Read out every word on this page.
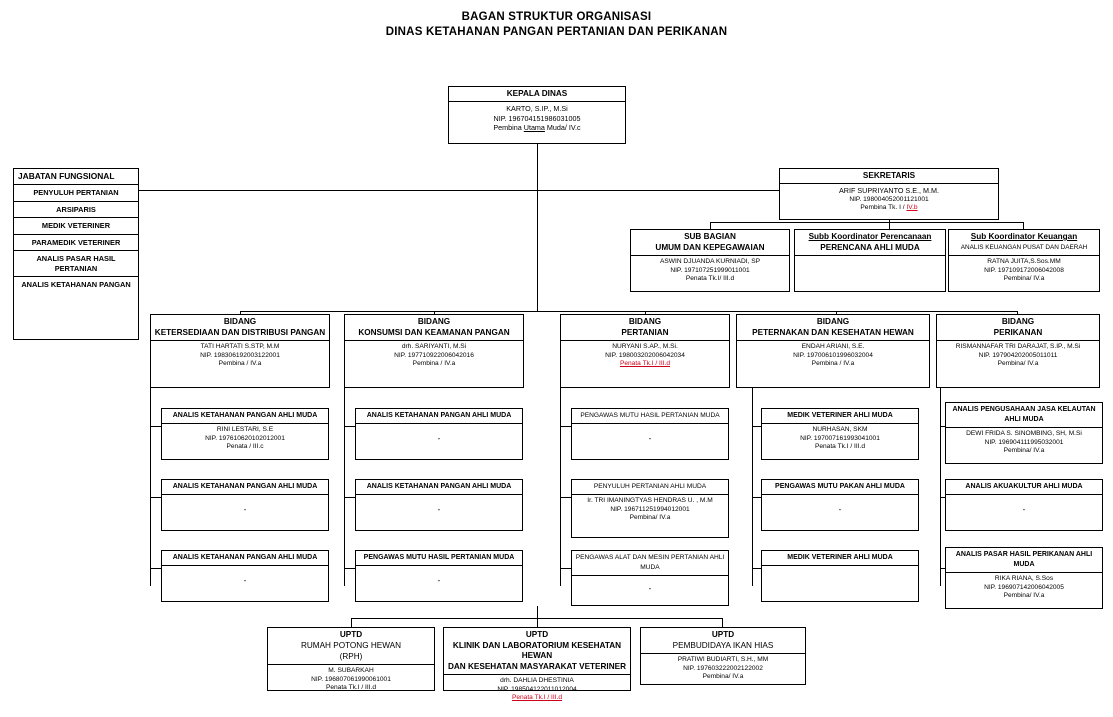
BAGAN STRUKTUR ORGANISASI
DINAS KETAHANAN PANGAN PERTANIAN DAN PERIKANAN
KEPALA DINAS
KARTO, S.IP., M.Si
NIP. 196704151986031005
Pembina Utama Muda/ IV.c
JABATAN FUNGSIONAL
PENYULUH PERTANIAN
ARSIPARIS
MEDIK VETERINER
PARAMEDIK VETERINER
ANALIS PASAR HASIL PERTANIAN
ANALIS KETAHANAN PANGAN
SEKRETARIS
ARIF SUPRIYANTO S.E., M.M.
NIP. 198004052001121001
Pembina Tk. I / IV.b
SUB BAGIAN
UMUM DAN KEPEGAWAIAN
ASWIN DJUANDA KURNIADI, SP
NIP. 197107251999011001
Penata Tk.I/ III.d
Subb Koordinator Perencanaan
PERENCANA AHLI MUDA
Sub Koordinator Keuangan
ANALIS KEUANGAN PUSAT DAN DAERAH
RATNA JUITA,S.Sos.MM
NIP. 197109172006042008
Pembina/ IV.a
BIDANG
KETERSEDIAAN DAN DISTRIBUSI PANGAN
TATI HARTATI S.STP, M.M
NIP. 198306192003122001
Pembina / IV.a
ANALIS KETAHANAN PANGAN AHLI MUDA
RINI LESTARI, S.E
NIP. 197610620102012001
Penata / III.c
ANALIS KETAHANAN PANGAN AHLI MUDA
-
ANALIS KETAHANAN PANGAN AHLI MUDA
-
BIDANG
KONSUMSI DAN KEAMANAN PANGAN
drh. SARIYANTI, M.Si
NIP. 197710922006042016
Pembina / IV.a
ANALIS KETAHANAN PANGAN AHLI MUDA
-
ANALIS KETAHANAN PANGAN AHLI MUDA
-
PENGAWAS MUTU HASIL PERTANIAN MUDA
-
BIDANG
PERTANIAN
NURYANI S.AP., M.Si.
NIP. 198003202006042034
Penata Tk.I / III.d
PENGAWAS MUTU HASIL PERTANIAN MUDA
-
PENYULUH PERTANIAN AHLI MUDA
Ir. TRI IMANINGTYAS HENDRAS U. , M.M
NIP. 196711251994012001
Pembina/ IV.a
PENGAWAS ALAT DAN MESIN PERTANIAN AHLI MUDA
-
BIDANG
PETERNAKAN DAN KESEHATAN HEWAN
ENDAH ARIANI, S.E.
NIP. 197006101996032004
Pembina / IV.a
MEDIK VETERINER AHLI MUDA
NURHASAN, SKM
NIP. 197007161993041001
Penata Tk.I / III.d
PENGAWAS MUTU PAKAN AHLI MUDA
-
MEDIK VETERINER AHLI MUDA
BIDANG
PERIKANAN
RISMANNAFAR TRI DARAJAT, S.IP., M.Si
NIP. 197904202005011011
Pembina/ IV.a
ANALIS PENGUSAHAAN JASA KELAUTAN AHLI MUDA
DEWI FRIDA S. SINOMBING, SH, M.Si
NIP. 196904111995032001
Pembina/ IV.a
ANALIS AKUAKULTUR AHLI MUDA
-
ANALIS PASAR HASIL PERIKANAN AHLI MUDA
RIKA RIANA, S.Sos
NIP. 196907142006042005
Pembina/ IV.a
UPTD
RUMAH POTONG HEWAN
(RPH)
M. SUBARKAH
NIP. 196807061990061001
Penata Tk.I / III.d
UPTD
KLINIK DAN LABORATORIUM KESEHATAN HEWAN
DAN KESEHATAN MASYARAKAT VETERINER
drh. DAHLIA DHESTINIA
NIP. 198504122011012004
Penata Tk.I / III.d
UPTD
PEMBUDIDAYA IKAN HIAS
PRATIWI BUDIARTI, S.H., MM
NIP. 197603222002122002
Pembina/ IV.a
